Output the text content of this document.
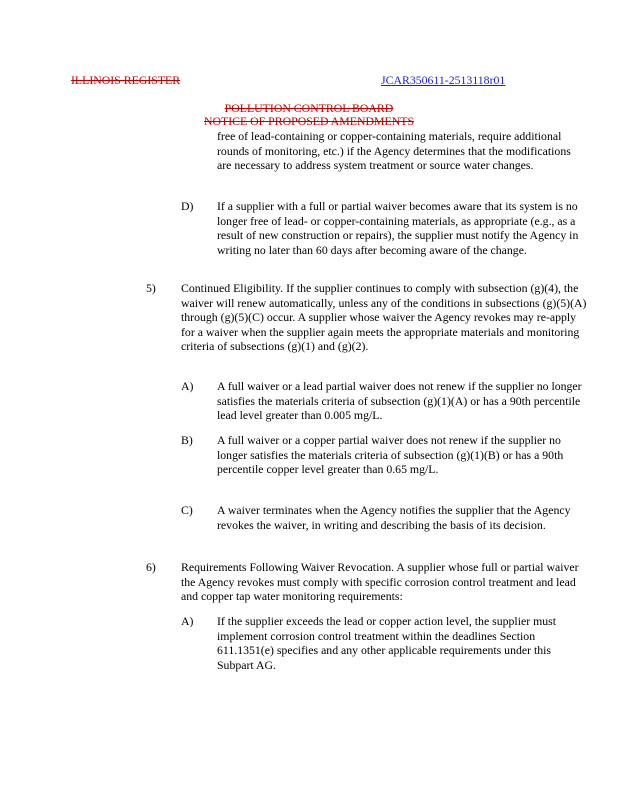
ILLINOIS REGISTER	JCAR350611-2513118r01
POLLUTION CONTROL BOARD
NOTICE OF PROPOSED AMENDMENTS

free of lead-containing or copper-containing materials, require additional rounds of monitoring, etc.) if the Agency determines that the modifications are necessary to address system treatment or source water changes.

D) If a supplier with a full or partial waiver becomes aware that its system is no longer free of lead- or copper-containing materials, as appropriate (e.g., as a result of new construction or repairs), the supplier must notify the Agency in writing no later than 60 days after becoming aware of the change.

5) Continued Eligibility. If the supplier continues to comply with subsection (g)(4), the waiver will renew automatically, unless any of the conditions in subsections (g)(5)(A) through (g)(5)(C) occur. A supplier whose waiver the Agency revokes may re-apply for a waiver when the supplier again meets the appropriate materials and monitoring criteria of subsections (g)(1) and (g)(2).

A) A full waiver or a lead partial waiver does not renew if the supplier no longer satisfies the materials criteria of subsection (g)(1)(A) or has a 90th percentile lead level greater than 0.005 mg/L.

B) A full waiver or a copper partial waiver does not renew if the supplier no longer satisfies the materials criteria of subsection (g)(1)(B) or has a 90th percentile copper level greater than 0.65 mg/L.

C) A waiver terminates when the Agency notifies the supplier that the Agency revokes the waiver, in writing and describing the basis of its decision.

6) Requirements Following Waiver Revocation. A supplier whose full or partial waiver the Agency revokes must comply with specific corrosion control treatment and lead and copper tap water monitoring requirements:

A) If the supplier exceeds the lead or copper action level, the supplier must implement corrosion control treatment within the deadlines Section 611.1351(e) specifies and any other applicable requirements under this Subpart AG.
